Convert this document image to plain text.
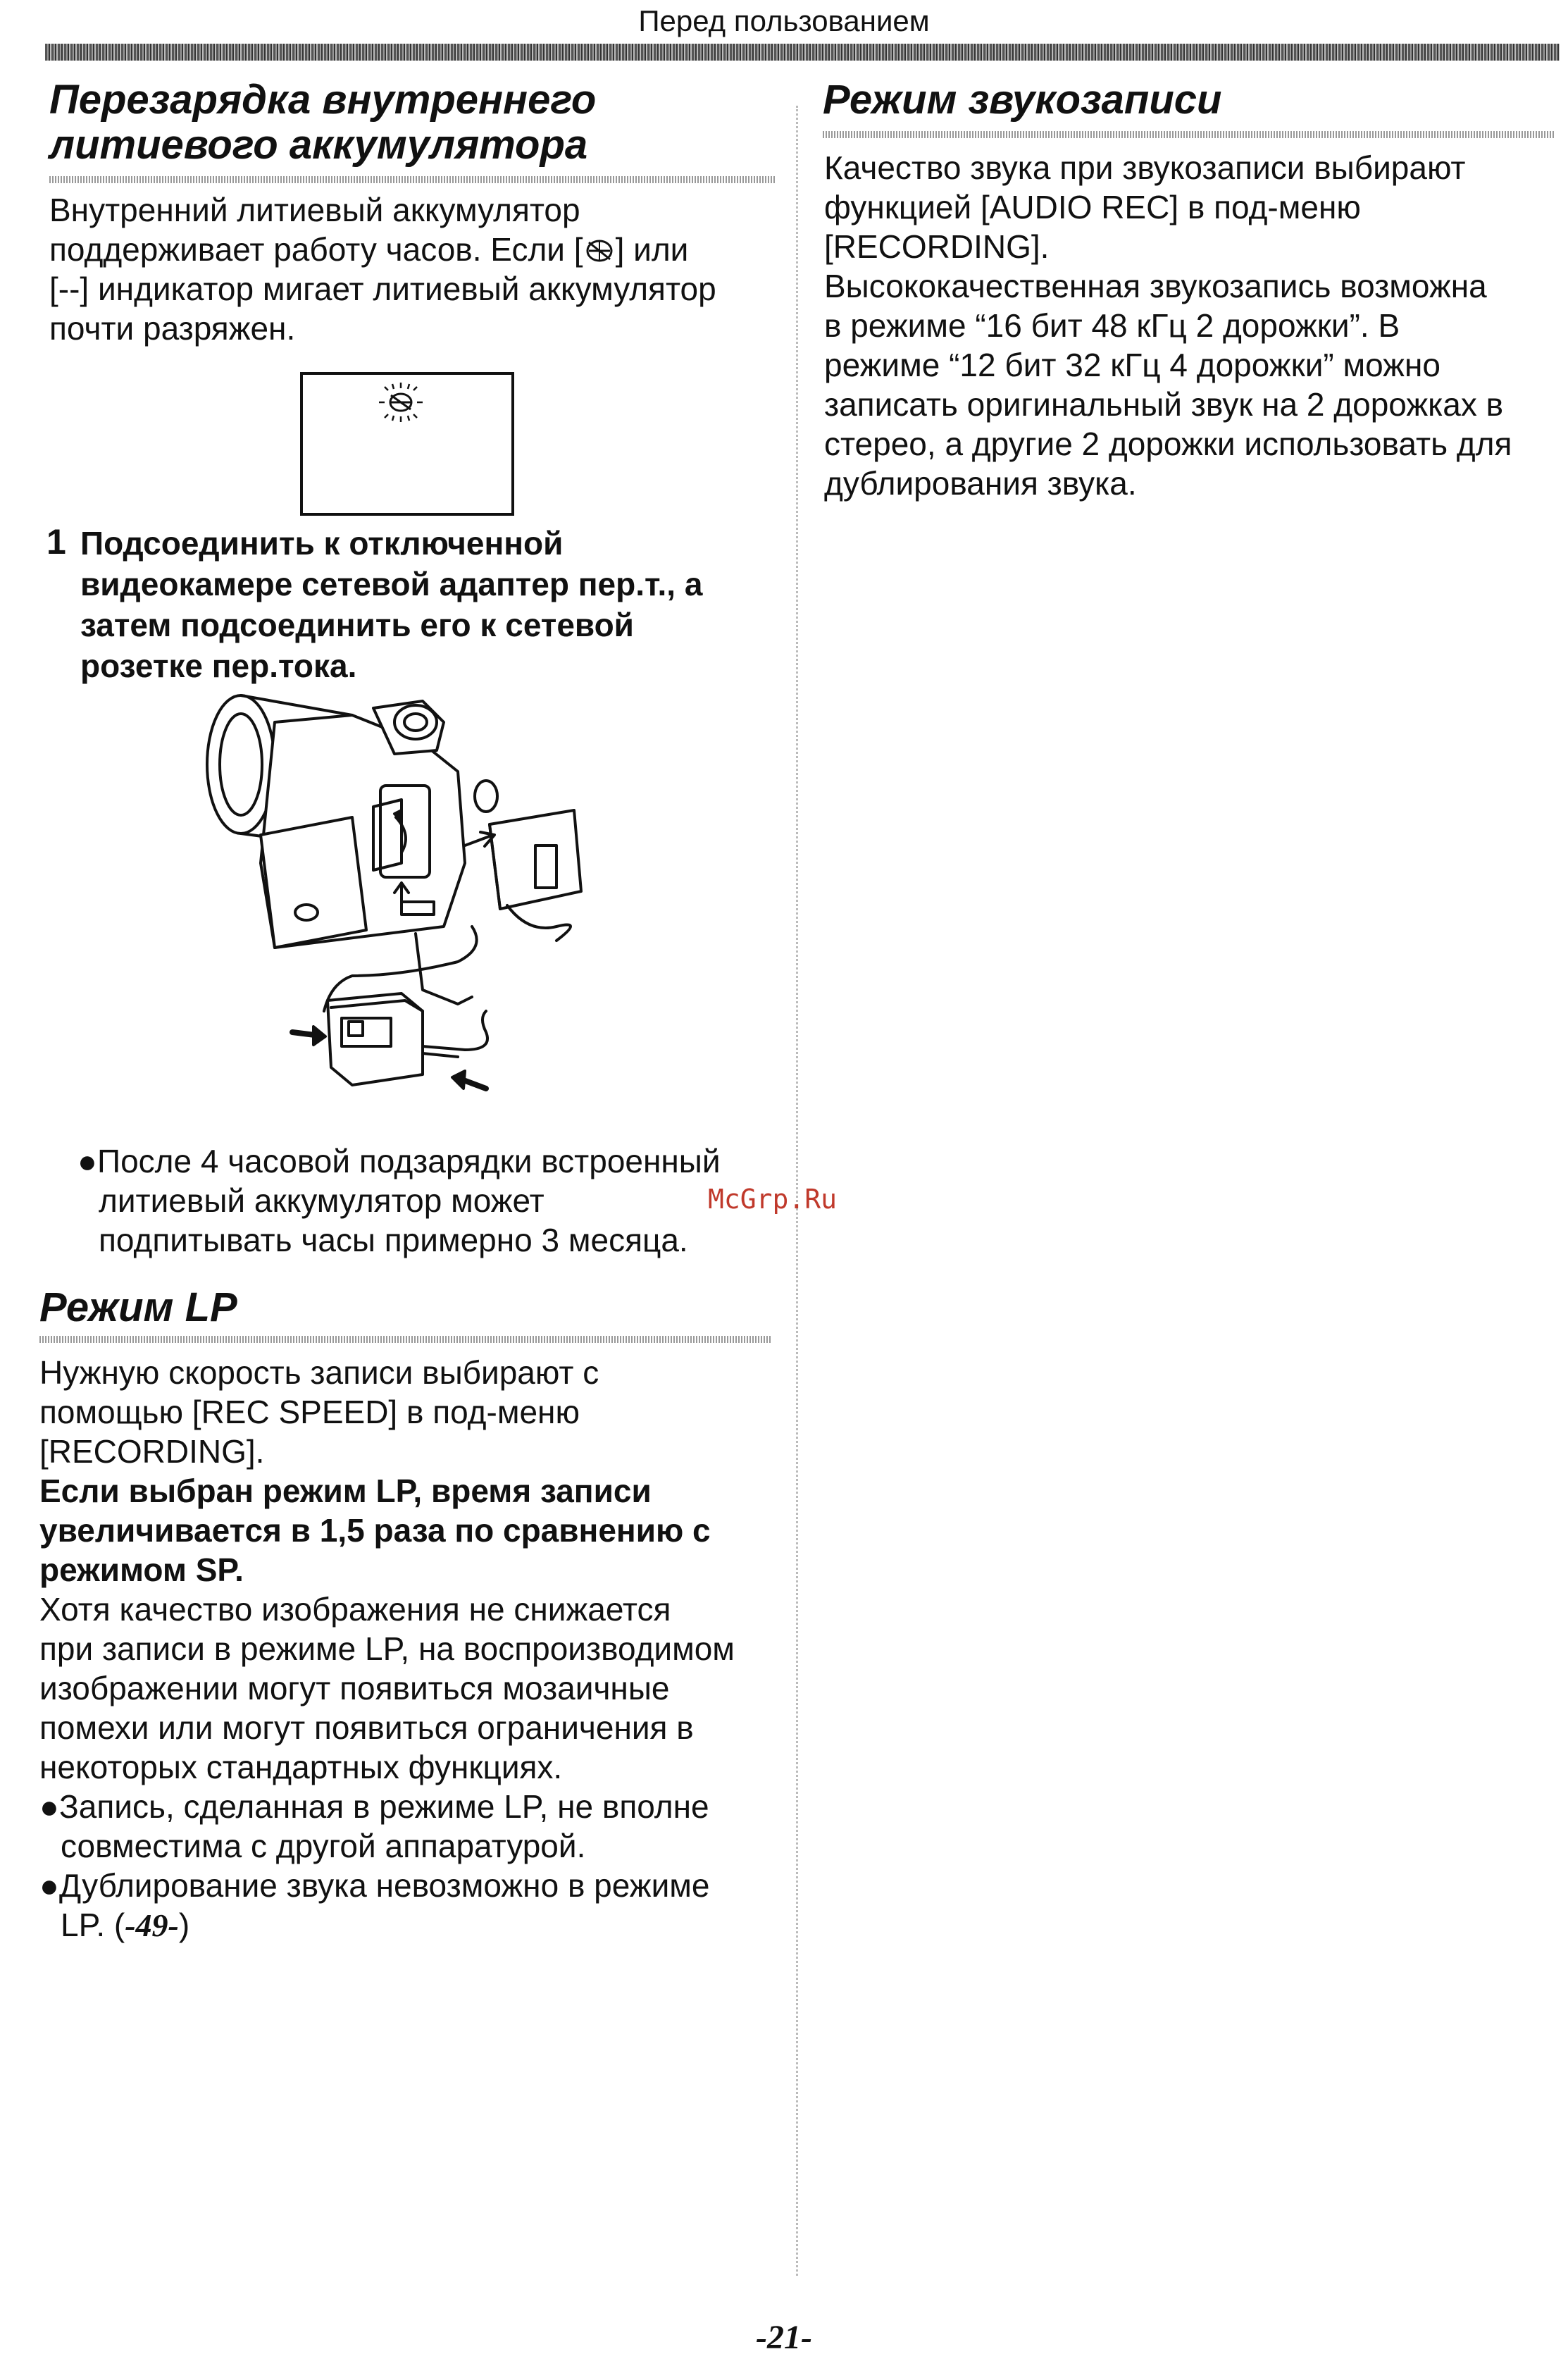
Перед пользованием
Перезарядка внутреннего
литиевого аккумулятора

Внутренний литиевый аккумулятор

поддерживает работу часов. Если [ ] или

[--] индикатор мигает литиевый аккумулятор

почти разряжен.

1 Подсоединить к отключенной

видеокамере сетевой адаптер пер.т., а

затем подсоединить его к сетевой

розетке пер.тока.

●После 4 часовой подзарядки встроенный
литиевый аккумулятор может
подпитывать часы примерно 3 месяца.
McGrp.Ru
Режим LP

Нужную скорость записи выбирают с

помощью [REC SPEED] в под-меню

[RECORDING].

Если выбран режим LP, время записи

увеличивается в 1,5 раза по сравнению с

режимом SP.

Хотя качество изображения не снижается

при записи в режиме LP, на воспроизводимом

изображении могут появиться мозаичные

помехи или могут появиться ограничения в

некоторых стандартных функциях.

●Запись, сделанная в режиме LP, не вполне
совместима с другой аппаратурой.
●Дублирование звука невозможно в режиме
LP. (-49-)
Режим звукозаписи

Качество звука при звукозаписи выбирают

функцией [AUDIO REC] в под-меню

[RECORDING].

Высококачественная звукозапись возможна

в режиме “16 бит 48 кГц 2 дорожки”. В

режиме “12 бит 32 кГц 4 дорожки” можно

записать оригинальный звук на 2 дорожках в

стерео, а другие 2 дорожки использовать для

дублирования звука.

-21-
